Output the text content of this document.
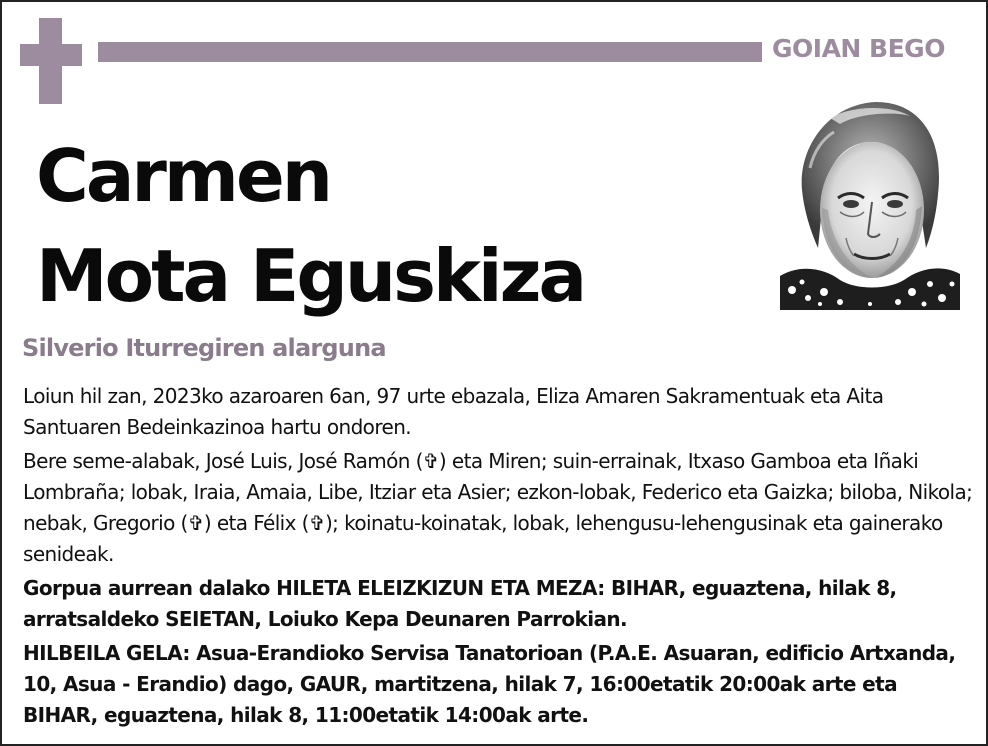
GOIAN BEGO
Carmen
Mota Eguskiza
Silverio Iturregiren alarguna

Loiun hil zan, 2023ko azaroaren 6an, 97 urte ebazala, Eliza Amaren Sakramentuak eta Aita Santuaren Bedeinkazinoa hartu ondoren.

Bere seme-alabak, José Luis, José Ramón (✞) eta Miren; suin-errainak, Itxaso Gamboa eta Iñaki Lombraña; lobak, Iraia, Amaia, Libe, Itziar eta Asier; ezkon-lobak, Federico eta Gaizka; biloba, Nikola; nebak, Gregorio (✞) eta Félix (✞); koinatu-koinatak, lobak, lehengusu-lehengusinak eta gainerako senideak.

Gorpua aurrean dalako HILETA ELEIZKIZUN ETA MEZA: BIHAR, eguaztena, hilak 8, arratsaldeko SEIETAN, Loiuko Kepa Deunaren Parrokian.

HILBEILA GELA: Asua-Erandioko Servisa Tanatorioan (P.A.E. Asuaran, edificio Artxanda, 10, Asua - Erandio) dago, GAUR, martitzena, hilak 7, 16:00etatik 20:00ak arte eta BIHAR, eguaztena, hilak 8, 11:00etatik 14:00ak arte.
